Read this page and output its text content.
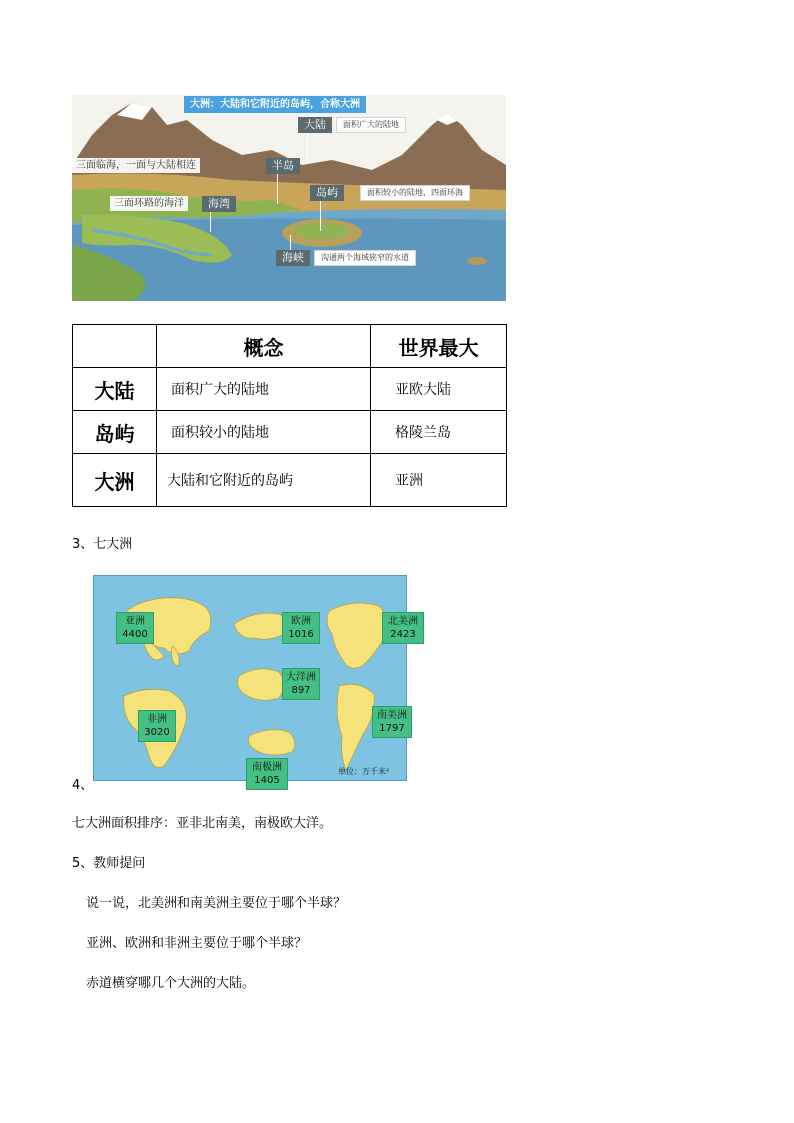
大洲：大陆和它附近的岛屿，合称大洲
大陆	面积广大的陆地
三面临海，一面与大陆相连	半岛
岛屿	面积较小的陆地，四面环海
三面环路的海洋	海湾
海峡	沟通两个海域狭窄的水道
	概念	世界最大
大陆	面积广大的陆地	亚欧大陆
岛屿	面积较小的陆地	格陵兰岛
大洲	大陆和它附近的岛屿	亚洲
3、七大洲
亚洲
4400
欧洲
1016
北美洲
2423
大洋洲
897
非洲
3020
南美洲
1797
南极洲
1405
单位：万千米²
4、
七大洲面积排序：亚非北南美，南极欧大洋。
5、教师提问
说一说，北美洲和南美洲主要位于哪个半球？
亚洲、欧洲和非洲主要位于哪个半球？
赤道横穿哪几个大洲的大陆。
